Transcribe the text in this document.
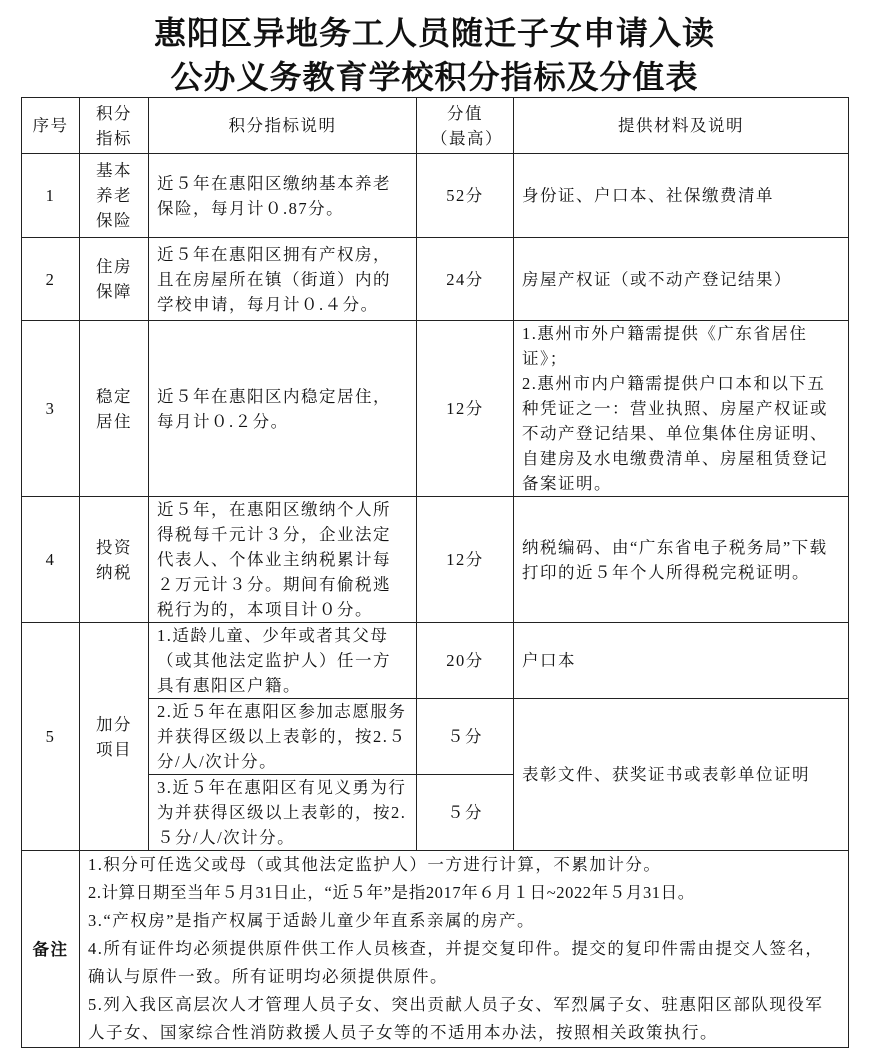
惠阳区异地务工人员随迁子女申请入读
公办义务教育学校积分指标及分值表
序号	积分指标	积分指标说明	分值（最高）	提供材料及说明
1	基本养老保险	近５年在惠阳区缴纳基本养老保险，每月计０.87分。	52分	身份证、户口本、社保缴费清单
2	住房保障	近５年在惠阳区拥有产权房，且在房屋所在镇（街道）内的学校申请，每月计０.４分。	24分	房屋产权证（或不动产登记结果）
3	稳定居住	近５年在惠阳区内稳定居住，每月计０.２分。	12分	1.惠州市外户籍需提供《广东省居住证》；
2.惠州市内户籍需提供户口本和以下五种凭证之一：营业执照、房屋产权证或不动产登记结果、单位集体住房证明、自建房及水电缴费清单、房屋租赁登记备案证明。
4	投资纳税	近５年，在惠阳区缴纳个人所得税每千元计３分，企业法定代表人、个体业主纳税累计每２万元计３分。期间有偷税逃税行为的，本项目计０分。	12分	纳税编码、由“广东省电子税务局”下载打印的近５年个人所得税完税证明。
5	加分项目	1.适龄儿童、少年或者其父母（或其他法定监护人）任一方具有惠阳区户籍。	20分	户口本
		2.近５年在惠阳区参加志愿服务并获得区级以上表彰的，按2.５分/人/次计分。	５分	表彰文件、获奖证书或表彰单位证明
		3.近５年在惠阳区有见义勇为行为并获得区级以上表彰的，按2.５分/人/次计分。	５分	
备注	1.积分可任选父或母（或其他法定监护人）一方进行计算，不累加计分。

2.计算日期至当年５月31日止，“近５年”是指2017年６月１日~2022年５月31日。

3.“产权房”是指产权属于适龄儿童少年直系亲属的房产。

4.所有证件均必须提供原件供工作人员核查，并提交复印件。提交的复印件需由提交人签名，确认与原件一致。所有证明均必须提供原件。

5.列入我区高层次人才管理人员子女、突出贡献人员子女、军烈属子女、驻惠阳区部队现役军人子女、国家综合性消防救援人员子女等的不适用本办法，按照相关政策执行。			
